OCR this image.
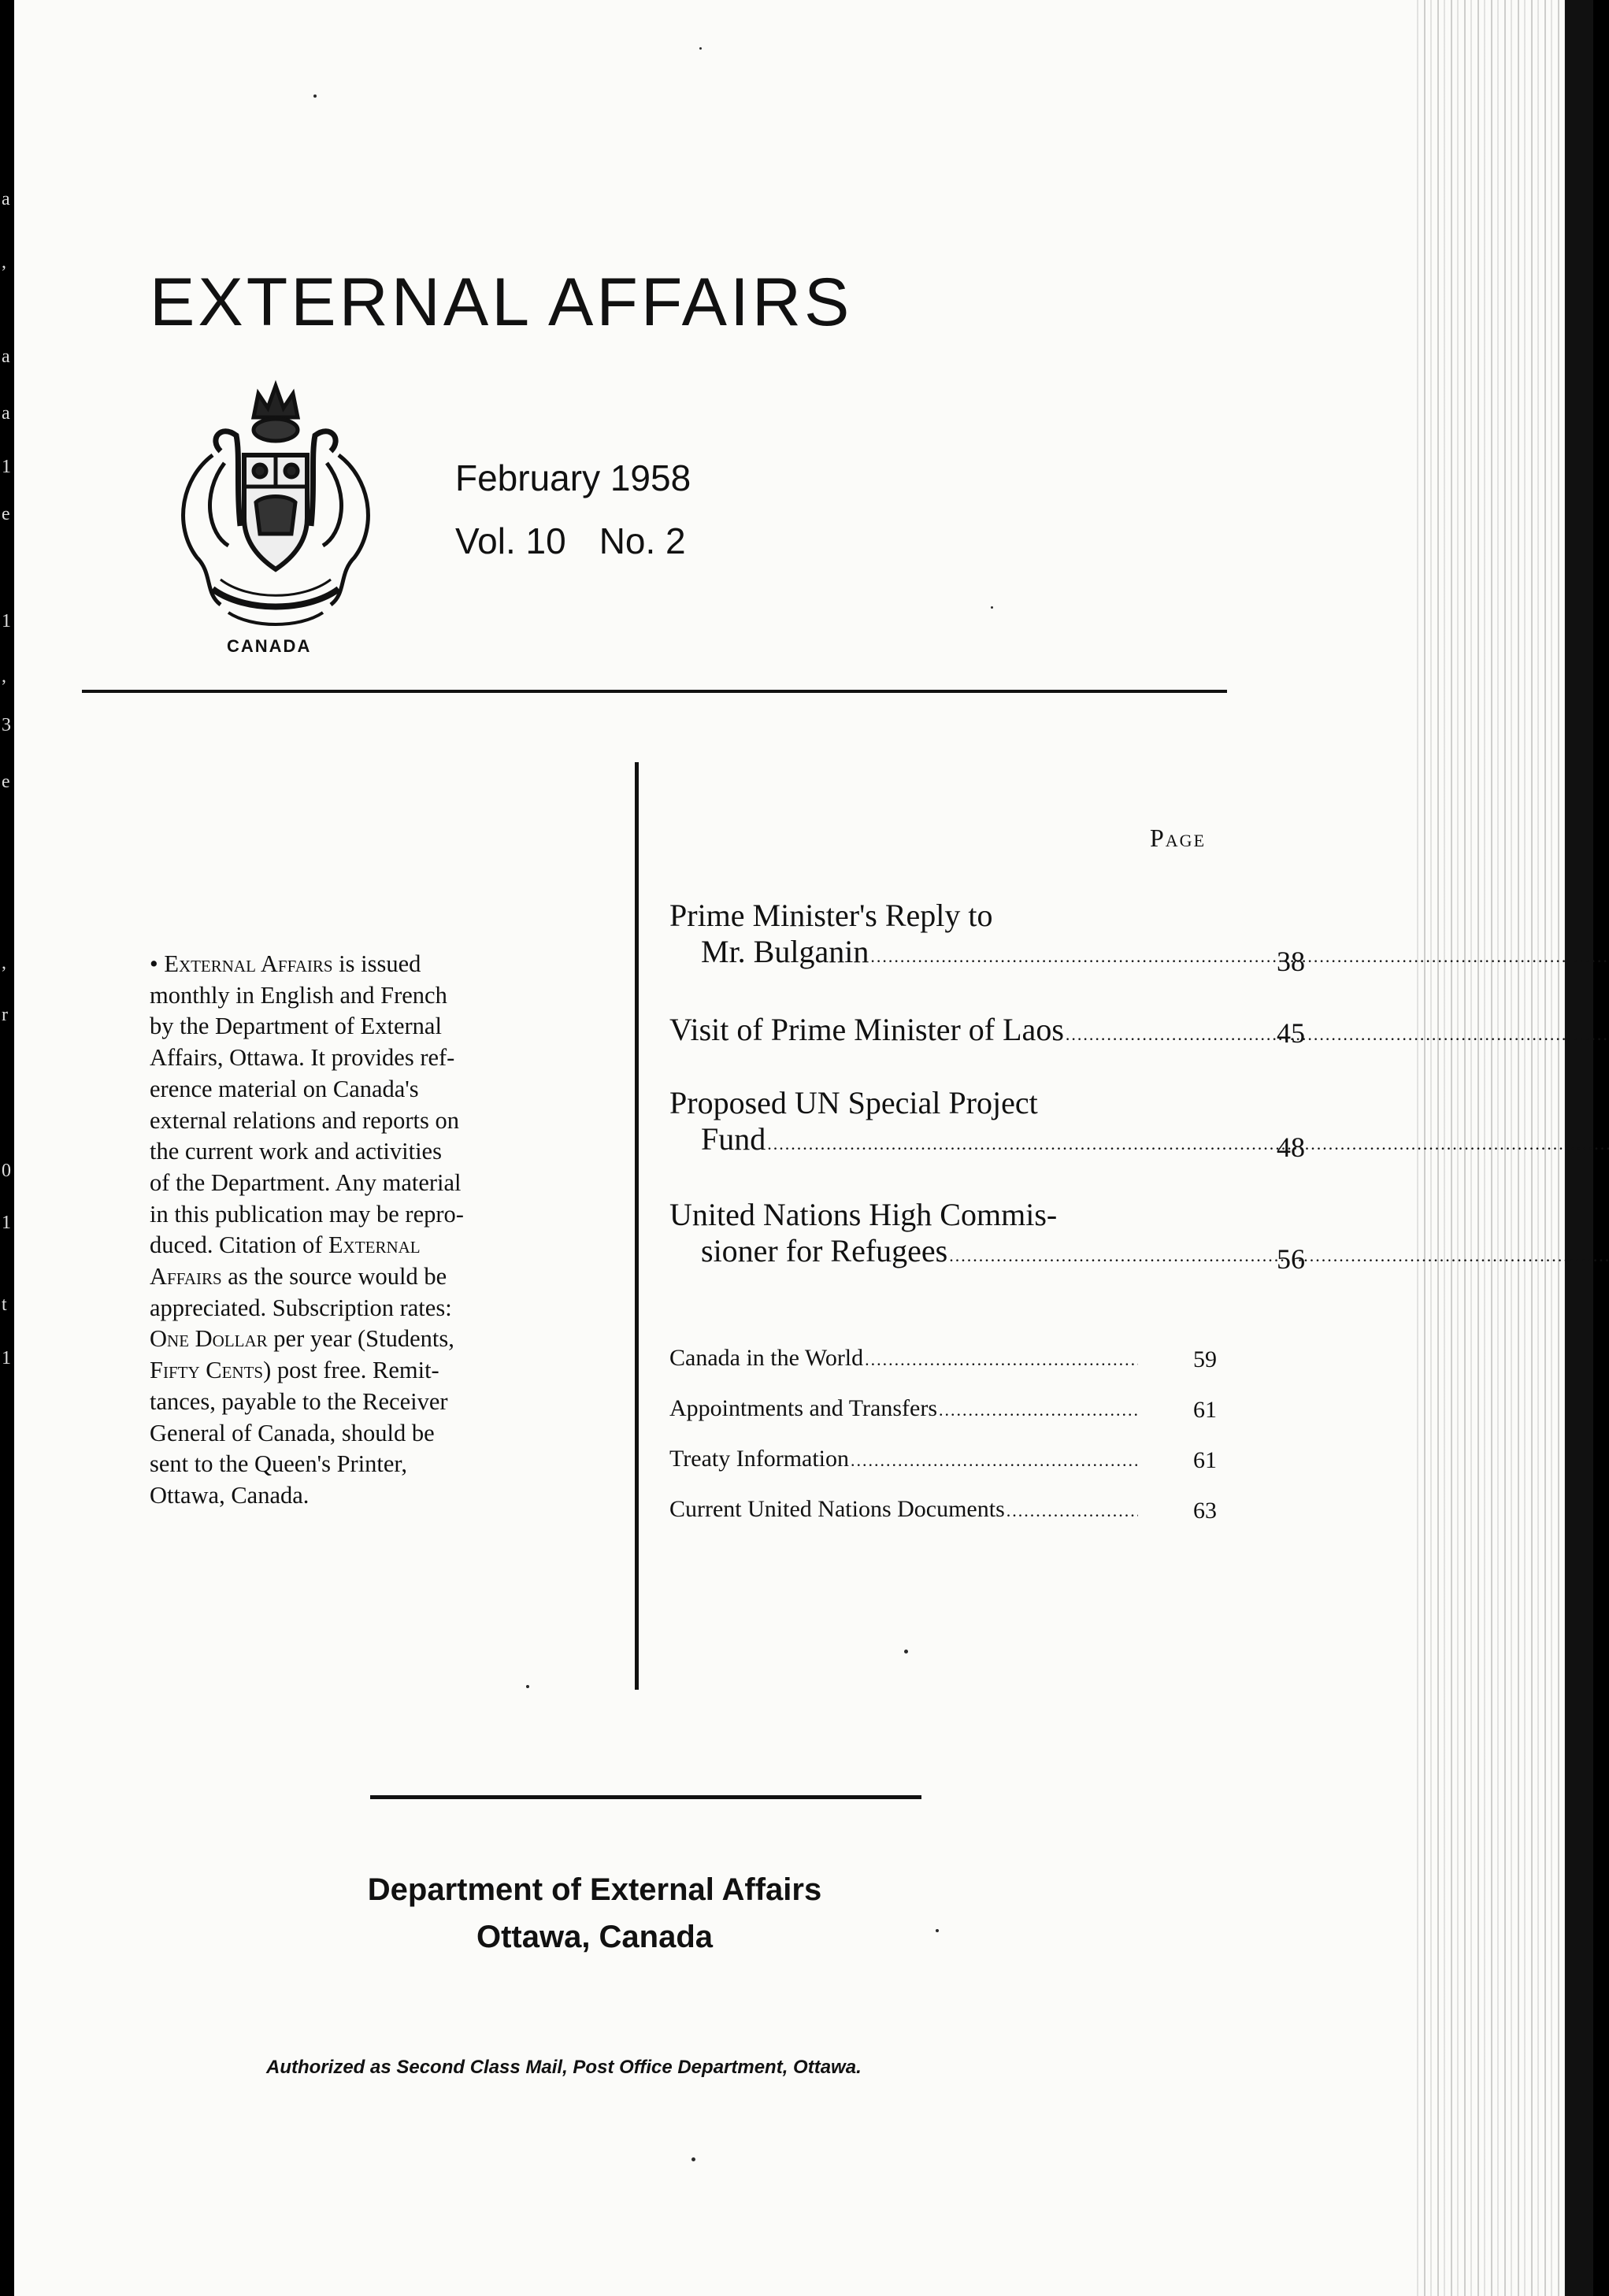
a
,
a
a
1
e
1
,
3
e
,
r
0
1
t
1
EXTERNAL AFFAIRS
CANADA
February 1958
Vol. 10 No. 2

• External Affairs is issued

monthly in English and French

by the Department of External

Affairs, Ottawa. It provides ref-

erence material on Canada's

external relations and reports on

the current work and activities

of the Department. Any material

in this publication may be repro-

duced. Citation of External

Affairs as the source would be

appreciated. Subscription rates:

One Dollar per year (Students,

Fifty Cents) post free. Remit-

tances, payable to the Receiver

General of Canada, should be

sent to the Queen's Printer,

Ottawa, Canada.

Page
Prime Minister's Reply to
Mr. Bulganin .....	38
Visit of Prime Minister of Laos .....	45
Proposed UN Special Project
Fund .....	48
United Nations High Commis-
sioner for Refugees .....	56
Canada in the World .....	59
Appointments and Transfers .....	61
Treaty Information .....	61
Current United Nations Documents .....	63
Department of External Affairs
Ottawa, Canada
Authorized as Second Class Mail, Post Office Department, Ottawa.
